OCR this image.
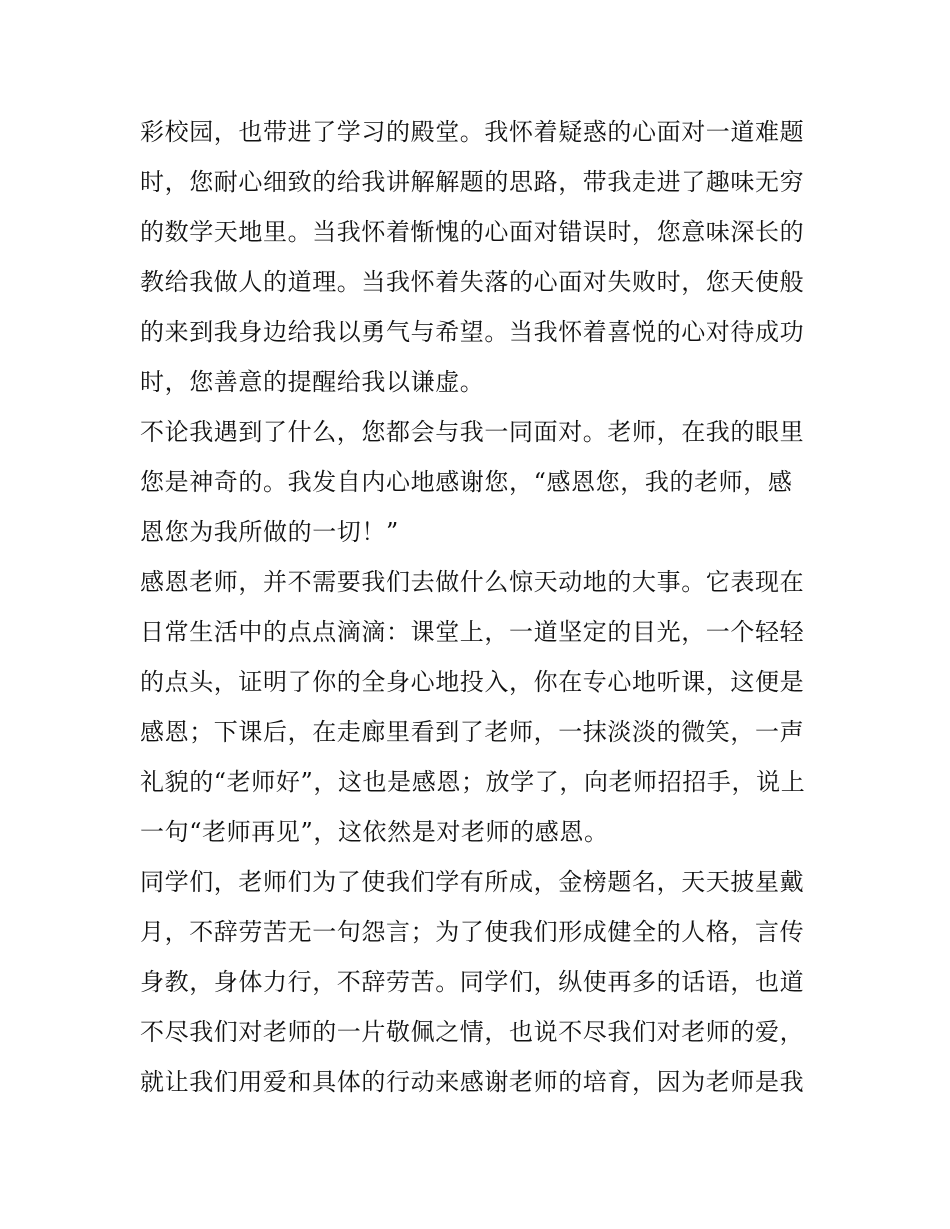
彩校园，也带进了学习的殿堂。我怀着疑惑的心面对一道难题
时，您耐心细致的给我讲解解题的思路，带我走进了趣味无穷
的数学天地里。当我怀着惭愧的心面对错误时，您意味深长的
教给我做人的道理。当我怀着失落的心面对失败时，您天使般
的来到我身边给我以勇气与希望。当我怀着喜悦的心对待成功
时，您善意的提醒给我以谦虚。
不论我遇到了什么，您都会与我一同面对。老师，在我的眼里
您是神奇的。我发自内心地感谢您，“感恩您，我的老师，感
恩您为我所做的一切！”
感恩老师，并不需要我们去做什么惊天动地的大事。它表现在
日常生活中的点点滴滴：课堂上，一道坚定的目光，一个轻轻
的点头，证明了你的全身心地投入，你在专心地听课，这便是
感恩；下课后，在走廊里看到了老师，一抹淡淡的微笑，一声
礼貌的“老师好”，这也是感恩；放学了，向老师招招手，说上
一句“老师再见”，这依然是对老师的感恩。
同学们，老师们为了使我们学有所成，金榜题名，天天披星戴
月，不辞劳苦无一句怨言；为了使我们形成健全的人格，言传
身教，身体力行，不辞劳苦。同学们，纵使再多的话语，也道
不尽我们对老师的一片敬佩之情，也说不尽我们对老师的爱，
就让我们用爱和具体的行动来感谢老师的培育，因为老师是我
